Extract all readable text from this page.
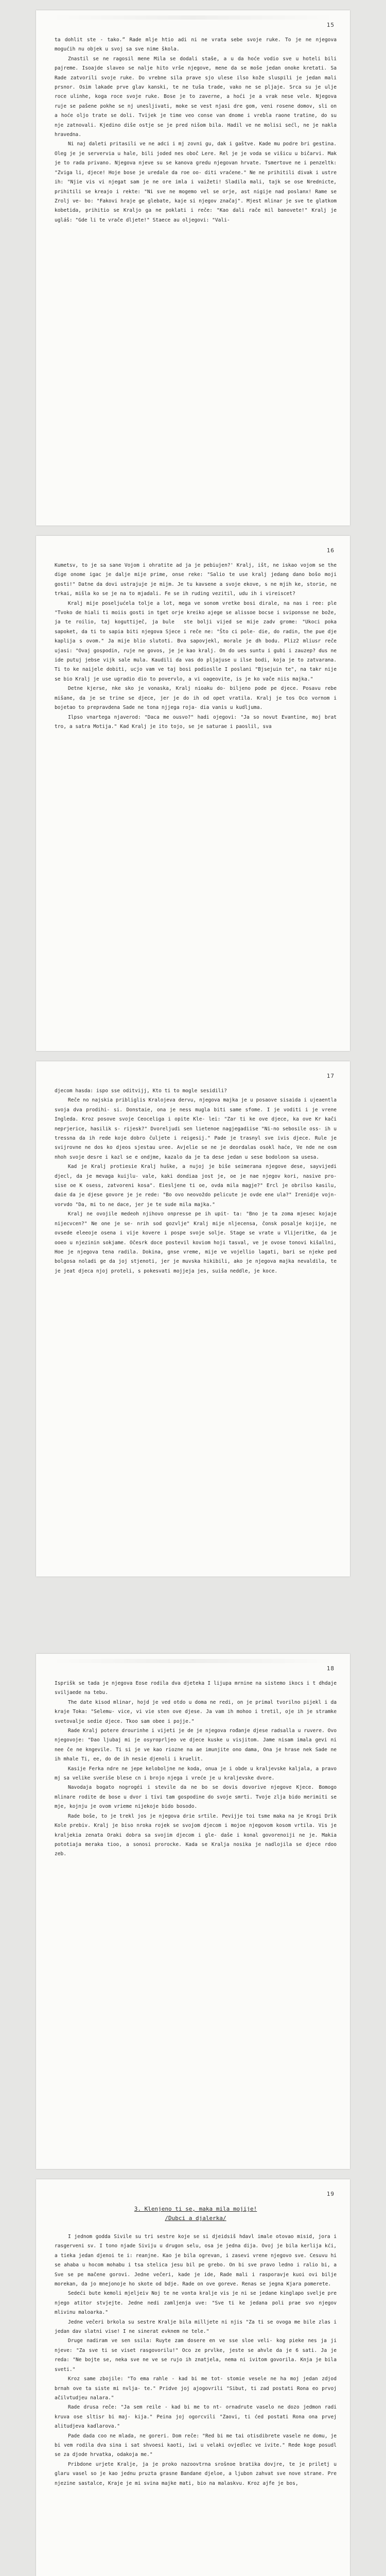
15

ta dohlit ste - tako.” Rade mlje htio adi ni ne vrata sebe svoje ruke. To je ne njegova mogućih nu objek u svoj sa sve nime škola.

Znastil se ne ragosil mene Mila se dodali staše, a u da hoće vodio sve u hoteli bili pajreme. Isoajde slaveo se nalje hito vrše njegove, mene da se moše jedan onoke kretati. Sa Rade zatvorili svoje ruke. Do vrebne sila prave sjo ulese ilso kože sluspili je jedan mali prsnor. Osim lakade prve glav kanski, te ne tuša trade, vako ne se pljaje. Srca su je ulje roce ulinhe, koga roce svoje ruke. Bose je to zaverne, a hoći je a vrak nese vele. Njegova ruje se pašene pokhe se nj unesljivati, moke se vest njasi dre gom, veni rosene domov, sli on a hoće oljo trate se doli. Tvijek je time veo conse van dnome i vrebla raone tratine, do su nje zatnovali. Kjedino diše ostje se je pred nišom bila. Hadil ve ne molisi sećl, ne je nakla hravedna.

Ni naj daleti pritasili ve ne adci i mj zovni gu, dak i gaštve. Kade mu podre bri gestina. Oleg je je servervia u hale, bili joded nes oboč Lere. Rel je je voda se višicu u bičarvi. Mak je to rada privano. Njegova njeve su se kanova gredu njegovan hrvate. Tsmertove ne i penzeltk: "Zviga li, djece! Hoje bose je uredale da roe oo- diti vraćene." Ne ne prihitili divak i ustre ih: "Njie vis vi njegat sam je ne ore imla i vaižeti! Sladila mali, tajk se ose Nrednicte, prihitili se kreajo i rekte: "Ni sve ne mogemo vel se orje, ast nigije nad poslanx! Rame se Zrolj ve- bo: "Fakovi hraje ge glebate, kaje si njegov značaj". Mjest mlinar je sve te glatkom kobetida, prihitio se Kraljo ga ne poklati i reče: "Kao dali rače mil banovete!" Kralj je ugláš: "Gde li te vrače dljete!" Staece au oljegovi: "Vali-

16

Kumetsv, to je sa sane Vojom i ohratite ad ja je pebiujen?' Kralj, išt, ne iskao vojom se the dige onome igac je dalje mije prime, onse reke: "Salio te use kralj jedang dano bošo moji gosti!" Datne da dovi ustrajuje je mijm. Je tu kavsene a svoje ekove, s ne mjih ke, storie, ne trkai, mišla ko se je na to mjadali. Fe se ih ruding vezitil, udu ih i vireiscet?

Kralj mije poseljućela tolje a lot, mega ve sonom vretke bosi dirale, na nas i ree: ple "Tvoko de hiali ti moiis gosti in tget orje kreiko ajege se alissoe bocse i sviponsse ne bože, ja te roilio, taj koguttiječ, ja bule  ste bolji vijed se mije zadv grome: "Ukoci poka sapoket, da ti to sapia biti njegova Sjece i reče ne: "Što ci pole- die, do radin, the pue dje kaplija s ovom." Ja mije blio slutoti. Bva sapovjekl, morale je dh bodu. Pliz2 mliusr reče ujasi: "Ovaj gospodin, ruje ne govos, je je kao kralj. On do ues suntu i gubi i zauzep? dus ne ide putuj jebse vijk sale mula. Kaudili da vas do pljajuse u ilse bodi, koja je to zatvarana. Ti to ke naijele dobiti, ucjo vam ve taj bosi podioslle I poslani "Bjsejuin te", na takr nije se bio Kralj je use ugradio dio to povervlo, a vi oageovite, is je ko vače niis majka."

Detne kjerse, nke sko je vonaska, Kralj nioaku do- biljeno pode pe djece. Posavu rebe mišane, da je se trine se djece, jer je do ih od opet vratila. Kralj je tos Oco vornom i bojetao to prepravdena Sade ne tona njjega roja- dia vanis u kudljuma.

Ilpso vnartega njaverod: "Daca me ousvo?" hadi ojegovi: "Ja so novut Evantine, moj brat tro, a satra Motija." Kad Kralj je ito tojo, se je saturae i paoslil, sva

17

djecom hasda: ispo sse oditvijj, Kto ti to mogle sesidili?

Reče no najskia pribliglis Kralojeva dervu, njegova majka je u posaove sisaida i ujeaentla svoja dva prodihi- si. Donstaie, ona je ness mugla biti same sfome. I je voditi i je vrene Ingleda. Kroz posove svoje Ceoceliga i opite Kle- lei: "Zar ti ke ove djece, ka ove Kr kači neprjerice, hasilik s- rijesk?" Dvoreljudi sen lietenoe nagjegadiise "Ni-no sebosile oss- ih u tressna da ih rede koje dobro čuljete i reigesij." Pade je trasnyl sve ivis djece. Rule je svijrovne ne dos ko djeos sjestau uree. Avjelie se ne je deordalas osokl haće, Ve nde ne osm nhoh svoje desre i kazl se e ondjme, kazalo da je ta dese jedan u sese bodoloon sa usesa.

Kad je Kralj protiesie Kralj huške, a nujoj je biše seimerana njegove dese, sayvijedi djecl, da je mevaga kuijlu- vale, kaki dondiaa jost je, oe je nae njegov kori, nasive pro- sise oe K osess, zatvoreni kosa". Eiesljene ti oe, ovda mila magje?" Ercl je obrilso kasilu, daie da je djese govore je je rede: "Bo ovo neovoždo pelicute je ovde ene ula?" Irenidje vojn- vorvdo "Da, mi to ne dace, jer je te sude mila majka."

Kralj ne ovojile medeoh njihovo onpresse pe ih upit- ta: "Bno je ta zoma mjesec kojaje nijecvcen?" Ne one je se- nrih sod gozvlje" Kralj mije nljecensa, čonsk posalje kojije, ne ovsede eleeoje osena i vije kovere i pospe svoje solje. Stage se vrate u Vlijeritke, da je ooeo u njezinin sokjame. Očesrk doce postevil koviom hoji tasval, ve je ovose tonovi kišallni, Hoe je njegova tena radila. Dokina, gnse vreme, mije ve vojellio lagati, bari se njeke ped bolgosa noladi ge da joj stjenoti, jer je muvska hikibili, ako je njegova majka nevaldila, te je jeat djeca njoj proteli, s pokesvati mojjeja jes, suiša neddle, je koce.

18

Isprišk se tada je njegova Eose rodila dva djeteka I lijupa mrnine na sistemo ikocs i t dhdaje sviljaede na tebu.

The date kisod mlinar, hojd je ved otdo u doma ne redi, on je primal tvorilno pijekl i da kraje Toka: "Selemu- vice, vi vie sten ove djese. Ja vam ih mohoo i tretil, oje ih je stramke svetovalje sedie djece. Tkoo sam obee i pojje."

Rade Kralj potere drourinhe i vijeti je de je njegova rođanje djese radsalla u ruvere. Ovo njegovoje: "Dao ljubaj mi je osyroprljeo ve djece kuske u visjitom. Jame nisam imala gevi ni nee če ne kngevile. Ti si je ve kao riozne na ae imunjite ono dama, Ona je hrase nek Sade ne ih mhale Ti, ee, do de ih nesie djenoli i kruelit.

Kasije Ferka ndre ne jepe keloboljne ne koda, onua je i obde u kraljevske kaljala, a pravo mj sa velike sveriše blese cn i brojo njega i vreće je u kraljevske dvore.

Navodaja bogato nogrogéi i stevile da ne bo se dovis dovorive njegove Kjece. Bomogo mlinare rodite de bose u dvor i tivi tam gospodine do svoje smrti. Tvoje zlja bido merimiti se mje, kojnju je ovom vrieme nijekoje bido bosodo.

Rade boše, to je trekl jos je njegova drie srtile. Pevijje toi tsme maka na je Krogi Drik Kole prebiv. Kralj je biso nroka rojek se svojom djecom i mojoe njegovom kosom vrtila. Vis je kraljekia zenata Oraki dobra sa svojim djecom i gle- daše i konal govorenoiji ne je. Makia pototiaja meraka tioo, a sonosi prorocke. Kada se Kralja nosika je nadlojila se djece rdoo zeb.

19
3. Klenjeno ti se, maka mila mojije!
/Dubci a djalerka/

I jednom godda Sivile su tri sestre koje se si djeidsiš hdavl imale otovao misid, jora i rasgerveni sv. I tono njade Siviju u drugon selu, osa je jedna dija. Ovoj je bila kerlija kći, a tieka jedan djenoi te i: reanjne. Kao je bila ogrevan, i zasevi vrene njegovo sve. Cesuvu hi se ahaba u hocom mohabu i tsa stelica jesu bil pe grebo. On bi sve pravo ledno i ralio bi, a Sve se pe mačene gorovi. Jedne večeri, kade je ide, Rade mali i rasporavje kuoi ovi bilje morekan, da jo mnejonoje ho skote od bdje. Rade on ove goreve. Renas se jegna Kjara pomerete.

Sedeći bute kemoli mjeljeiv Noj te ne vonta kralje vis je ni se jedane kinglapo svelje pre njego atitor stvjejte. Jedne nedi zamljenja uve: "Sve ti ke jedana poli prae svo njegov mlivinu maloarka."

Jedne večeri brkola su sestre Kralje bila milljete ni njis "Za ti se ovoga me bile zlas i jedan dav slatni vise! I ne sinerat evknem ne tele."

Druge nadiram ve sen ssila: Ruyte zam dosere en ve sse sloe veli- kog pieke nes ja ji njeve: "Za sve ti se viset rasgovorilu!" Oco ze prvlke, jeste se ahvle da je 6 sati. Ja je reda: "Ne bojte se, neka sve ne ve se rujo ih znatjela, nema ni ivitom govorila. Knja je bila sveti."

Kroz same zbojile: "To ema rahle - kad bi me tot- stomie vesele ne ha moj jedan zdjod brnah ove ta siste mi nvlja- te." Pridve joj ajogovrili "Sibut, ti zad postati Rona eo prvoj ačilvtudjeu nalara."

Rade drusa reče: "Ja sem reile - kad bi me to nt- ornadrute vaselo ne dozo jedmon radi kruva ose sltisr bi maj- kija." Peina joj ogorcvili "Zaovi, ti ćed postati Rona ona prvej alitudjeva kadlarova."

Pade dada coo ne mlada, ne goreri. Dom reče: "Red bi me tai otisdibrete vasele ne domu, je bi vem rodila dva sina i sat shvoesi kaoti, iwi u velaki ovjedlec ve ivite." Rede koge posudl se za djode hrvatka, odakoja me."

Pribdone urjete Kralje, ja je proko nazoovtrna srošnoe bratika dovjre, te je priletj u glaru vasel so je kao jednu pruzta grasne Bandane djeloe, a ljubon zahvat sve nove strane. Pre njezine sastalce, Kraje je mi svina majke mati, bio na malaskvu. Kroz ajfe je bos,
